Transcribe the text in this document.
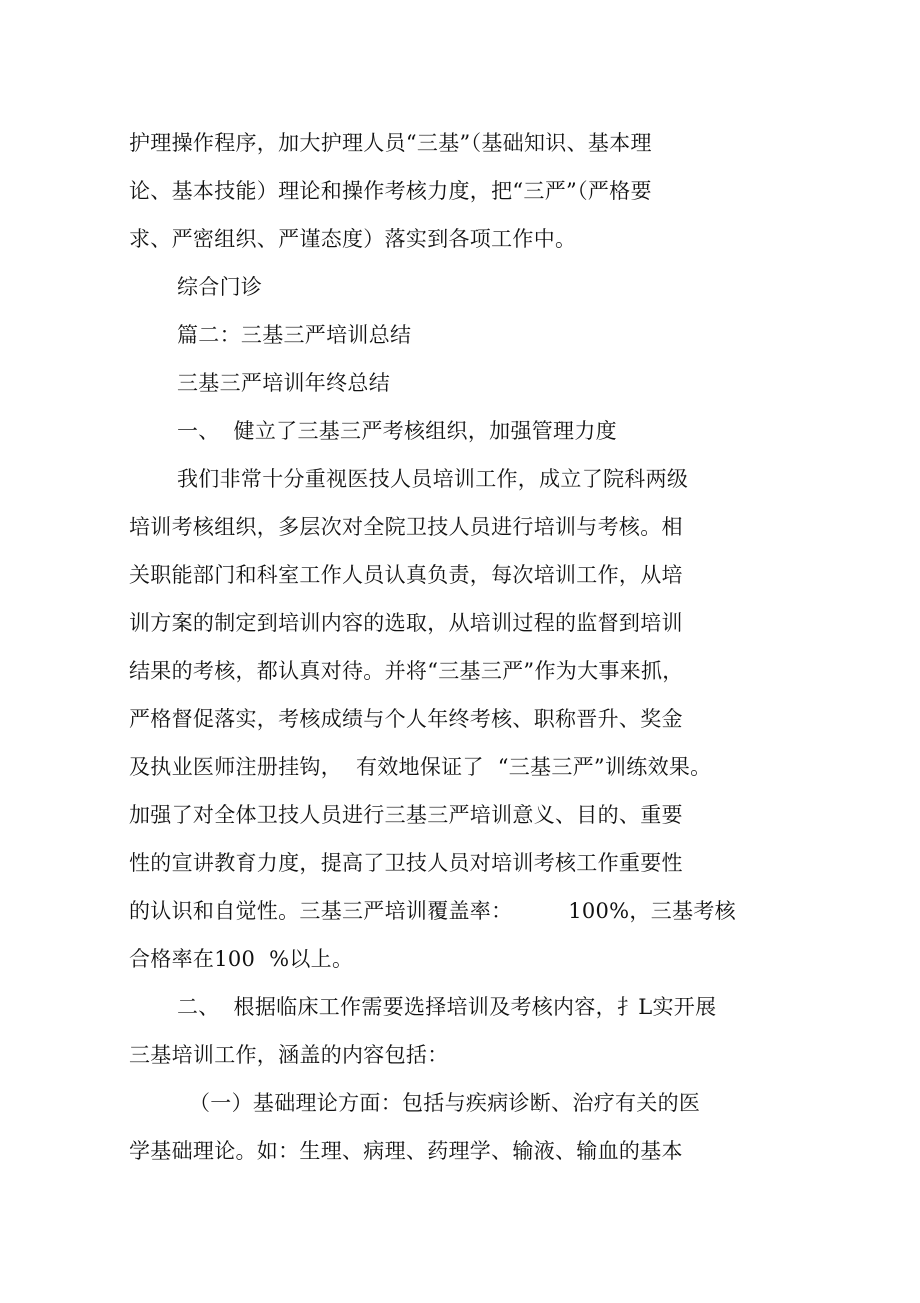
护理操作程序，加大护理人员“三基”（基础知识、基本理
论、基本技能）理论和操作考核力度，把“三严”（严格要
求、严密组织、严谨态度）落实到各项工作中。
综合门诊
篇二：三基三严培训总结
三基三严培训年终总结
一、  健立了三基三严考核组织，加强管理力度
我们非常十分重视医技人员培训工作，成立了院科两级
培训考核组织，多层次对全院卫技人员进行培训与考核。相
关职能部门和科室工作人员认真负责，每次培训工作，从培
训方案的制定到培训内容的选取，从培训过程的监督到培训
结果的考核，都认真对待。并将“三基三严”作为大事来抓，
严格督促落实，考核成绩与个人年终考核、职称晋升、奖金
及执业医师注册挂钩，  有效地保证了  “三基三严”训练效果。
加强了对全体卫技人员进行三基三严培训意义、目的、重要
性的宣讲教育力度，提高了卫技人员对培训考核工作重要性
的认识和自觉性。三基三严培训覆盖率：        100%，三基考核
合格率在100  %以上。
二、  根据临床工作需要选择培训及考核内容，扌L实开展
三基培训工作，涵盖的内容包括：
（一）基础理论方面：包括与疾病诊断、治疗有关的医
学基础理论。如：生理、病理、药理学、输液、输血的基本
